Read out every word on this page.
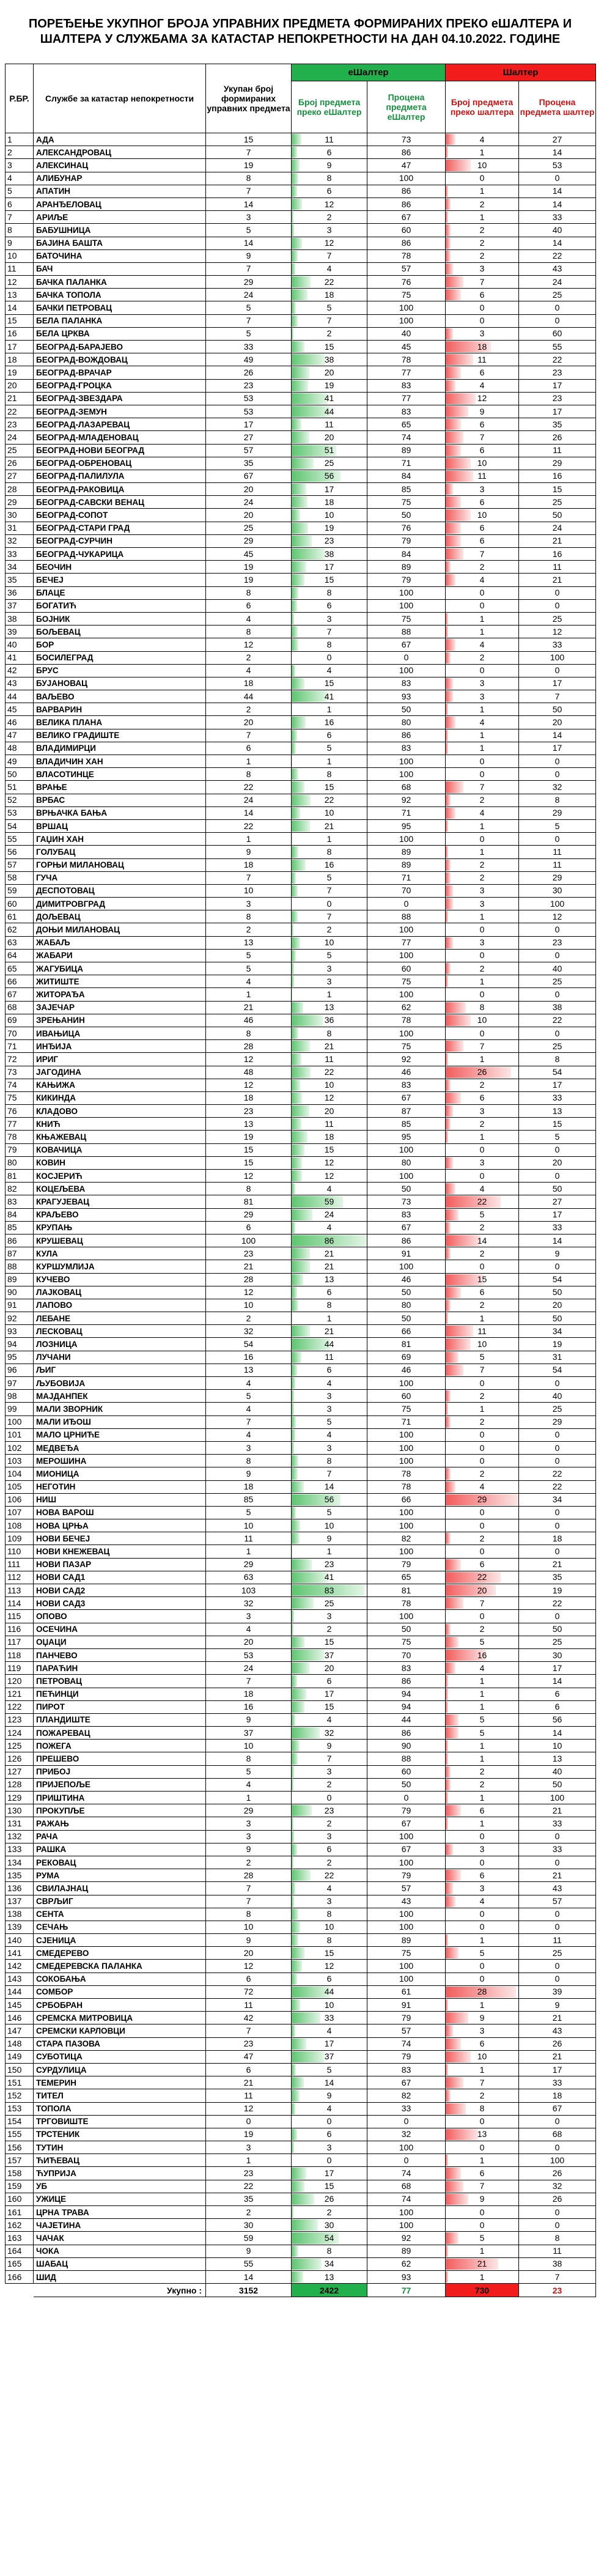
ПОРЕЂЕЊЕ УКУПНОГ БРОЈА УПРАВНИХ ПРЕДМЕТА ФОРМИРАНИХ ПРЕКО еШАЛТЕРА И ШАЛТЕРА У СЛУЖБАМА ЗА КАТАСТАР НЕПОКРЕТНОСТИ НА ДАН 04.10.2022. ГОДИНЕ
Р.БР.	Службе за катастар непокретности	Укупан број формираних управних предмета	еШалтер		Шалтер	
			Број предмета преко еШалтер	Процена предмета еШалтер	Број предмета преко шалтера	Процена предмета шалтер
1	АДА	15	11	73	4	27
2	АЛЕКСАНДРОВАЦ	7	6	86	1	14
3	АЛЕКСИНАЦ	19	9	47	10	53
4	АЛИБУНАР	8	8	100	0	0
5	АПАТИН	7	6	86	1	14
6	АРАНЂЕЛОВАЦ	14	12	86	2	14
7	АРИЉЕ	3	2	67	1	33
8	БАБУШНИЦА	5	3	60	2	40
9	БАЈИНА БАШТА	14	12	86	2	14
10	БАТОЧИНА	9	7	78	2	22
11	БАЧ	7	4	57	3	43
12	БАЧКА ПАЛАНКА	29	22	76	7	24
13	БАЧКА ТОПОЛА	24	18	75	6	25
14	БАЧКИ ПЕТРОВАЦ	5	5	100	0	0
15	БЕЛА ПАЛАНКА	7	7	100	0	0
16	БЕЛА ЦРКВА	5	2	40	3	60
17	БЕОГРАД-БАРАЈЕВО	33	15	45	18	55
18	БЕОГРАД-ВОЖДОВАЦ	49	38	78	11	22
19	БЕОГРАД-ВРАЧАР	26	20	77	6	23
20	БЕОГРАД-ГРОЦКА	23	19	83	4	17
21	БЕОГРАД-ЗВЕЗДАРА	53	41	77	12	23
22	БЕОГРАД-ЗЕМУН	53	44	83	9	17
23	БЕОГРАД-ЛАЗАРЕВАЦ	17	11	65	6	35
24	БЕОГРАД-МЛАДЕНОВАЦ	27	20	74	7	26
25	БЕОГРАД-НОВИ БЕОГРАД	57	51	89	6	11
26	БЕОГРАД-ОБРЕНОВАЦ	35	25	71	10	29
27	БЕОГРАД-ПАЛИЛУЛА	67	56	84	11	16
28	БЕОГРАД-РАКОВИЦА	20	17	85	3	15
29	БЕОГРАД-САВСКИ ВЕНАЦ	24	18	75	6	25
30	БЕОГРАД-СОПОТ	20	10	50	10	50
31	БЕОГРАД-СТАРИ ГРАД	25	19	76	6	24
32	БЕОГРАД-СУРЧИН	29	23	79	6	21
33	БЕОГРАД-ЧУКАРИЦА	45	38	84	7	16
34	БЕОЧИН	19	17	89	2	11
35	БЕЧЕЈ	19	15	79	4	21
36	БЛАЦЕ	8	8	100	0	0
37	БОГАТИЋ	6	6	100	0	0
38	БОЈНИК	4	3	75	1	25
39	БОЉЕВАЦ	8	7	88	1	12
40	БОР	12	8	67	4	33
41	БОСИЛЕГРАД	2	0	0	2	100
42	БРУС	4	4	100	0	0
43	БУЈАНОВАЦ	18	15	83	3	17
44	ВАЉЕВО	44	41	93	3	7
45	ВАРВАРИН	2	1	50	1	50
46	ВЕЛИКА ПЛАНА	20	16	80	4	20
47	ВЕЛИКО ГРАДИШТЕ	7	6	86	1	14
48	ВЛАДИМИРЦИ	6	5	83	1	17
49	ВЛАДИЧИН ХАН	1	1	100	0	0
50	ВЛАСОТИНЦЕ	8	8	100	0	0
51	ВРАЊЕ	22	15	68	7	32
52	ВРБАС	24	22	92	2	8
53	ВРЊАЧКА БАЊА	14	10	71	4	29
54	ВРШАЦ	22	21	95	1	5
55	ГАЏИН ХАН	1	1	100	0	0
56	ГОЛУБАЦ	9	8	89	1	11
57	ГОРЊИ МИЛАНОВАЦ	18	16	89	2	11
58	ГУЧА	7	5	71	2	29
59	ДЕСПОТОВАЦ	10	7	70	3	30
60	ДИМИТРОВГРАД	3	0	0	3	100
61	ДОЉЕВАЦ	8	7	88	1	12
62	ДОЊИ МИЛАНОВАЦ	2	2	100	0	0
63	ЖАБАЉ	13	10	77	3	23
64	ЖАБАРИ	5	5	100	0	0
65	ЖАГУБИЦА	5	3	60	2	40
66	ЖИТИШТЕ	4	3	75	1	25
67	ЖИТОРАЂА	1	1	100	0	0
68	ЗАЈЕЧАР	21	13	62	8	38
69	ЗРЕЊАНИН	46	36	78	10	22
70	ИВАЊИЦА	8	8	100	0	0
71	ИНЂИЈА	28	21	75	7	25
72	ИРИГ	12	11	92	1	8
73	ЈАГОДИНА	48	22	46	26	54
74	КАЊИЖА	12	10	83	2	17
75	КИКИНДА	18	12	67	6	33
76	КЛАДОВО	23	20	87	3	13
77	КНИЋ	13	11	85	2	15
78	КЊАЖЕВАЦ	19	18	95	1	5
79	КОВАЧИЦА	15	15	100	0	0
80	КОВИН	15	12	80	3	20
81	КОСЈЕРИЋ	12	12	100	0	0
82	КОЦЕЉЕВА	8	4	50	4	50
83	КРАГУЈЕВАЦ	81	59	73	22	27
84	КРАЉЕВО	29	24	83	5	17
85	КРУПАЊ	6	4	67	2	33
86	КРУШЕВАЦ	100	86	86	14	14
87	КУЛА	23	21	91	2	9
88	КУРШУМЛИЈА	21	21	100	0	0
89	КУЧЕВО	28	13	46	15	54
90	ЛАЈКОВАЦ	12	6	50	6	50
91	ЛАПОВО	10	8	80	2	20
92	ЛЕБАНЕ	2	1	50	1	50
93	ЛЕСКОВАЦ	32	21	66	11	34
94	ЛОЗНИЦА	54	44	81	10	19
95	ЛУЧАНИ	16	11	69	5	31
96	ЉИГ	13	6	46	7	54
97	ЉУБОВИЈА	4	4	100	0	0
98	МАЈДАНПЕК	5	3	60	2	40
99	МАЛИ ЗВОРНИК	4	3	75	1	25
100	МАЛИ ИЂОШ	7	5	71	2	29
101	МАЛО ЦРНИЋЕ	4	4	100	0	0
102	МЕДВЕЂА	3	3	100	0	0
103	МЕРОШИНА	8	8	100	0	0
104	МИОНИЦА	9	7	78	2	22
105	НЕГОТИН	18	14	78	4	22
106	НИШ	85	56	66	29	34
107	НОВА ВАРОШ	5	5	100	0	0
108	НОВА ЦРЊА	10	10	100	0	0
109	НОВИ БЕЧЕЈ	11	9	82	2	18
110	НОВИ КНЕЖЕВАЦ	1	1	100	0	0
111	НОВИ ПАЗАР	29	23	79	6	21
112	НОВИ САД1	63	41	65	22	35
113	НОВИ САД2	103	83	81	20	19
114	НОВИ САД3	32	25	78	7	22
115	ОПОВО	3	3	100	0	0
116	ОСЕЧИНА	4	2	50	2	50
117	ОЏАЦИ	20	15	75	5	25
118	ПАНЧЕВО	53	37	70	16	30
119	ПАРАЋИН	24	20	83	4	17
120	ПЕТРОВАЦ	7	6	86	1	14
121	ПЕЋИНЦИ	18	17	94	1	6
122	ПИРОТ	16	15	94	1	6
123	ПЛАНДИШТЕ	9	4	44	5	56
124	ПОЖАРЕВАЦ	37	32	86	5	14
125	ПОЖЕГА	10	9	90	1	10
126	ПРЕШЕВО	8	7	88	1	13
127	ПРИБОЈ	5	3	60	2	40
128	ПРИЈЕПОЉЕ	4	2	50	2	50
129	ПРИШТИНА	1	0	0	1	100
130	ПРОКУПЉЕ	29	23	79	6	21
131	РАЖАЊ	3	2	67	1	33
132	РАЧА	3	3	100	0	0
133	РАШКА	9	6	67	3	33
134	РЕКОВАЦ	2	2	100	0	0
135	РУМА	28	22	79	6	21
136	СВИЛАЈНАЦ	7	4	57	3	43
137	СВРЉИГ	7	3	43	4	57
138	СЕНТА	8	8	100	0	0
139	СЕЧАЊ	10	10	100	0	0
140	СЈЕНИЦА	9	8	89	1	11
141	СМЕДЕРЕВО	20	15	75	5	25
142	СМЕДЕРЕВСКА ПАЛАНКА	12	12	100	0	0
143	СОКОБАЊА	6	6	100	0	0
144	СОМБОР	72	44	61	28	39
145	СРБОБРАН	11	10	91	1	9
146	СРЕМСКА МИТРОВИЦА	42	33	79	9	21
147	СРЕМСКИ КАРЛОВЦИ	7	4	57	3	43
148	СТАРА ПАЗОВА	23	17	74	6	26
149	СУБОТИЦА	47	37	79	10	21
150	СУРДУЛИЦА	6	5	83	1	17
151	ТЕМЕРИН	21	14	67	7	33
152	ТИТЕЛ	11	9	82	2	18
153	ТОПОЛА	12	4	33	8	67
154	ТРГОВИШТЕ	0	0	0	0	0
155	ТРСТЕНИК	19	6	32	13	68
156	ТУТИН	3	3	100	0	0
157	ЋИЋЕВАЦ	1	0	0	1	100
158	ЋУПРИЈА	23	17	74	6	26
159	УБ	22	15	68	7	32
160	УЖИЦЕ	35	26	74	9	26
161	ЦРНА ТРАВА	2	2	100	0	0
162	ЧАЈЕТИНА	30	30	100	0	0
163	ЧАЧАК	59	54	92	5	8
164	ЧОКА	9	8	89	1	11
165	ШАБАЦ	55	34	62	21	38
166	ШИД	14	13	93	1	7
	Укупно :	3152	2422	77	730	23
